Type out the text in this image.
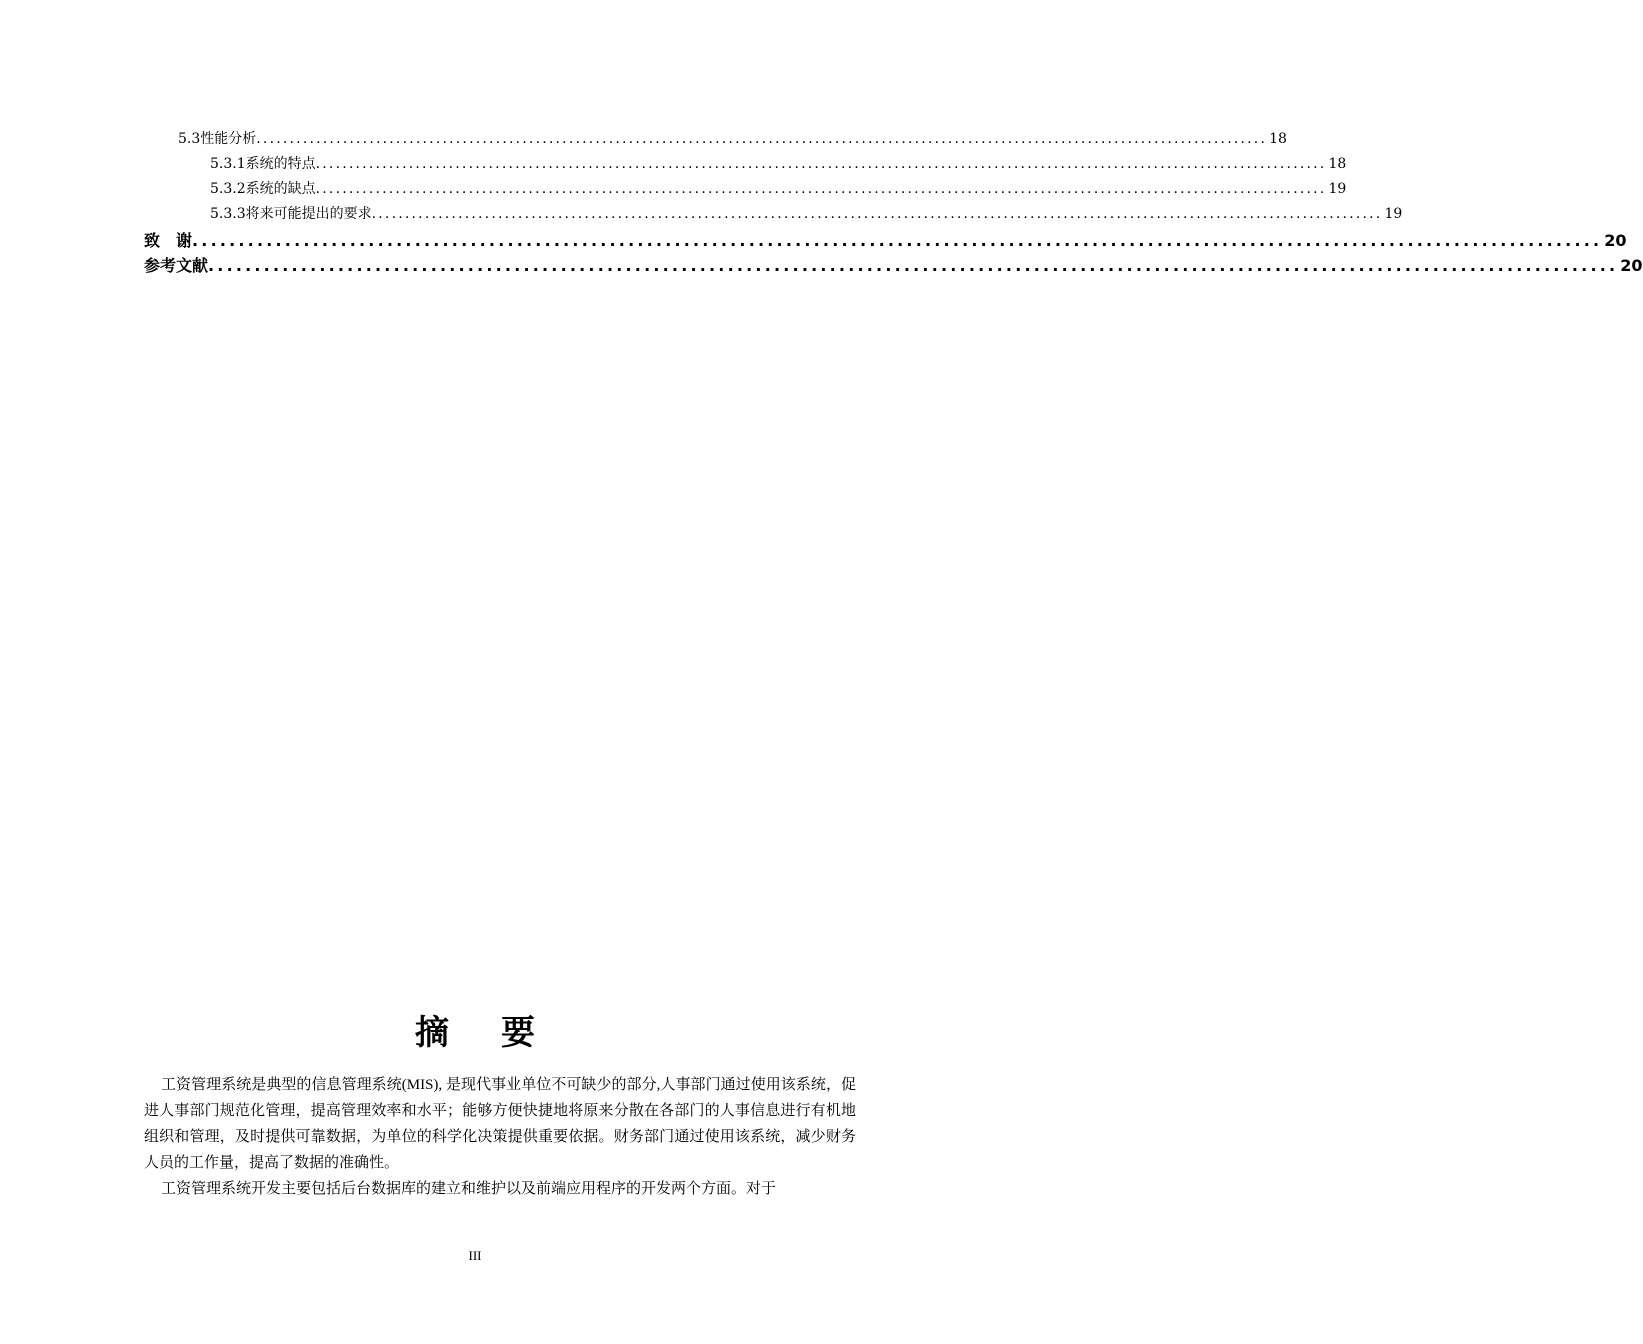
5.3性能分析 ........................................................................................................................................................ 18
5.3.1系统的特点 ........................................................................................................................................................ 18
5.3.2系统的缺点 ........................................................................................................................................................ 19
5.3.3将来可能提出的要求 ........................................................................................................................................................ 19
致　谢 ........................................................................................................................................................ 20
参考文献 ........................................................................................................................................................ 20
摘要

工资管理系统是典型的信息管理系统(MIS), 是现代事业单位不可缺少的部分,人事部门通过使用该系统，促进人事部门规范化管理，提高管理效率和水平；能够方便快捷地将原来分散在各部门的人事信息进行有机地组织和管理，及时提供可靠数据，为单位的科学化决策提供重要依据。财务部门通过使用该系统，减少财务人员的工作量，提高了数据的准确性。

工资管理系统开发主要包括后台数据库的建立和维护以及前端应用程序的开发两个方面。对于

III
